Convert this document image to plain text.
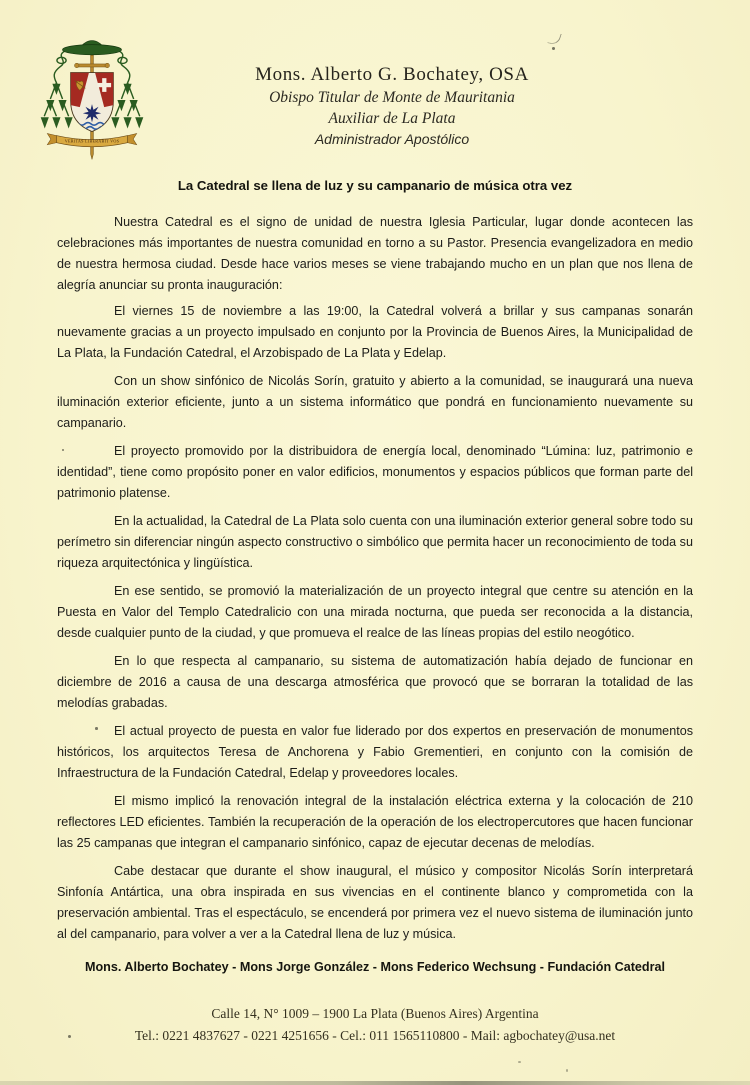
VERITAS LIBERABIT VOS
Mons. Alberto G. Bochatey, OSA
Obispo Titular de Monte de Mauritania
Auxiliar de La Plata
Administrador Apostólico
La Catedral se llena de luz y su campanario de música otra vez

Nuestra Catedral es el signo de unidad de nuestra Iglesia Particular, lugar donde acontecen las celebraciones más importantes de nuestra comunidad en torno a su Pastor. Presencia evangelizadora en medio de nuestra hermosa ciudad. Desde hace varios meses se viene trabajando mucho en un plan que nos llena de alegría anunciar su pronta inauguración:

El viernes 15 de noviembre a las 19:00, la Catedral volverá a brillar y sus campanas sonarán nuevamente gracias a un proyecto impulsado en conjunto por la Provincia de Buenos Aires, la Municipalidad de La Plata, la Fundación Catedral, el Arzobispado de La Plata y Edelap.

Con un show sinfónico de Nicolás Sorín, gratuito y abierto a la comunidad, se inaugurará una nueva iluminación exterior eficiente, junto a un sistema informático que pondrá en funcionamiento nuevamente su campanario.

El proyecto promovido por la distribuidora de energía local, denominado “Lúmina: luz, patrimonio e identidad”, tiene como propósito poner en valor edificios, monumentos y espacios públicos que forman parte del patrimonio platense.

En la actualidad, la Catedral de La Plata solo cuenta con una iluminación exterior general sobre todo su perímetro sin diferenciar ningún aspecto constructivo o simbólico que permita hacer un reconocimiento de toda su riqueza arquitectónica y lingüística.

En ese sentido, se promovió la materialización de un proyecto integral que centre su atención en la Puesta en Valor del Templo Catedralicio con una mirada nocturna, que pueda ser reconocida a la distancia, desde cualquier punto de la ciudad, y que promueva el realce de las líneas propias del estilo neogótico.

En lo que respecta al campanario, su sistema de automatización había dejado de funcionar en diciembre de 2016 a causa de una descarga atmosférica que provocó que se borraran la totalidad de las melodías grabadas.

El actual proyecto de puesta en valor fue liderado por dos expertos en preservación de monumentos históricos, los arquitectos Teresa de Anchorena y Fabio Grementieri, en conjunto con la comisión de Infraestructura de la Fundación Catedral, Edelap y proveedores locales.

El mismo implicó la renovación integral de la instalación eléctrica externa y la colocación de 210 reflectores LED eficientes. También la recuperación de la operación de los electropercutores que hacen funcionar las 25 campanas que integran el campanario sinfónico, capaz de ejecutar decenas de melodías.

Cabe destacar que durante el show inaugural, el músico y compositor Nicolás Sorín interpretará Sinfonía Antártica, una obra inspirada en sus vivencias en el continente blanco y comprometida con la preservación ambiental. Tras el espectáculo, se encenderá por primera vez el nuevo sistema de iluminación junto al del campanario, para volver a ver a la Catedral llena de luz y música.

Mons. Alberto Bochatey - Mons Jorge González - Mons Federico Wechsung - Fundación Catedral
Calle 14, N° 1009 – 1900 La Plata (Buenos Aires) Argentina
Tel.: 0221 4837627 - 0221 4251656 - Cel.: 011 1565110800 - Mail: agbochatey@usa.net
